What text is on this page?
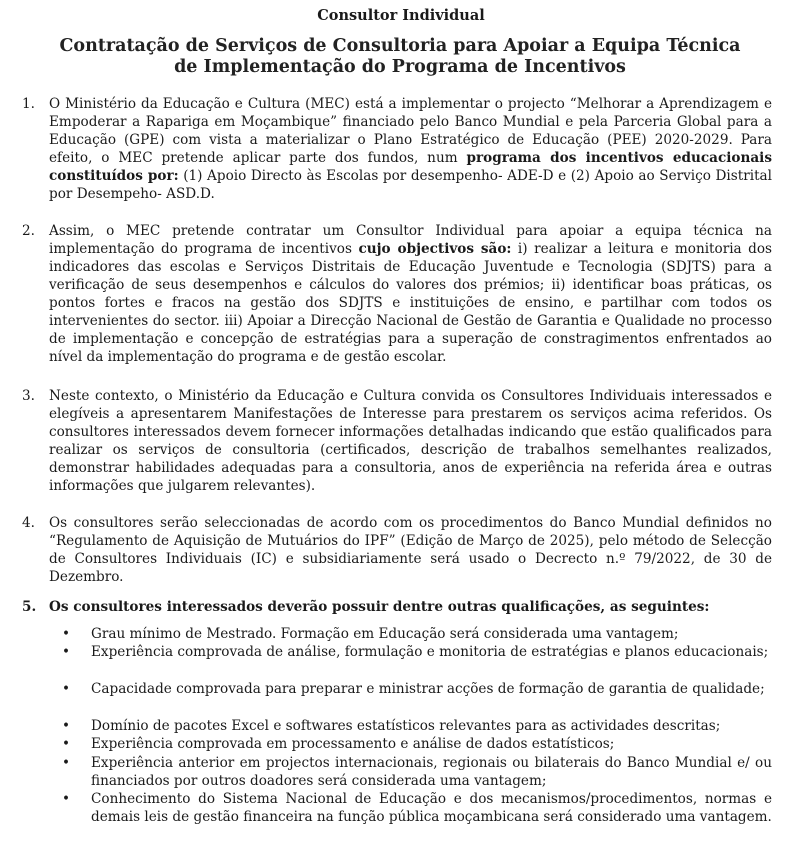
Consultor Individual
Contratação de Serviços de Consultoria para Apoiar a Equipa Técnica
de Implementação do Programa de Incentivos
1. O Ministério da Educação e Cultura (MEC) está a implementar o projecto “Melhorar a Aprendizagem e Empoderar a Rapariga em Moçambique” financiado pelo Banco Mundial e pela Parceria Global para a Educação (GPE) com vista a materializar o Plano Estratégico de Educação (PEE) 2020-2029. Para efeito, o MEC pretende aplicar parte dos fundos, num programa dos incentivos educacionais constituídos por: (1) Apoio Directo às Escolas por desempenho- ADE-D e (2) Apoio ao Serviço Distrital por Desempeho- ASD.D.
2. Assim, o MEC pretende contratar um Consultor Individual para apoiar a equipa técnica na implementação do programa de incentivos cujo objectivos são: i) realizar a leitura e monitoria dos indicadores das escolas e Serviços Distritais de Educação Juventude e Tecnologia (SDJTS) para a verificação de seus desempenhos e cálculos do valores dos prémios; ii) identificar boas práticas, os pontos fortes e fracos na gestão dos SDJTS e instituições de ensino, e partilhar com todos os intervenientes do sector. iii) Apoiar a Direcção Nacional de Gestão de Garantia e Qualidade no processo de implementação e concepção de estratégias para a superação de constragimentos enfrentados ao nível da implementação do programa e de gestão escolar.
3. Neste contexto, o Ministério da Educação e Cultura convida os Consultores Individuais interessados e elegíveis a apresentarem Manifestações de Interesse para prestarem os serviços acima referidos. Os consultores interessados devem fornecer informações detalhadas indicando que estão qualificados para realizar os serviços de consultoria (certificados, descrição de trabalhos semelhantes realizados, demonstrar habilidades adequadas para a consultoria, anos de experiência na referida área e outras informações que julgarem relevantes).
4. Os consultores serão seleccionadas de acordo com os procedimentos do Banco Mundial definidos no “Regulamento de Aquisição de Mutuários do IPF” (Edição de Março de 2025), pelo método de Selecção de Consultores Individuais (IC) e subsidiariamente será usado o Decrecto n.º 79/2022, de 30 de Dezembro.
5. Os consultores interessados deverão possuir dentre outras qualificações, as seguintes:
• Grau mínimo de Mestrado. Formação em Educação será considerada uma vantagem;
• Experiência comprovada de análise, formulação e monitoria de estratégias e planos educacionais;
• Capacidade comprovada para preparar e ministrar acções de formação de garantia de qualidade;
• Domínio de pacotes Excel e softwares estatísticos relevantes para as actividades descritas;
• Experiência comprovada em processamento e análise de dados estatísticos;
• Experiência anterior em projectos internacionais, regionais ou bilaterais do Banco Mundial e/ ou financiados por outros doadores será considerada uma vantagem;
• Conhecimento do Sistema Nacional de Educação e dos mecanismos/procedimentos, normas e demais leis de gestão financeira na função pública moçambicana será considerado uma vantagem.
